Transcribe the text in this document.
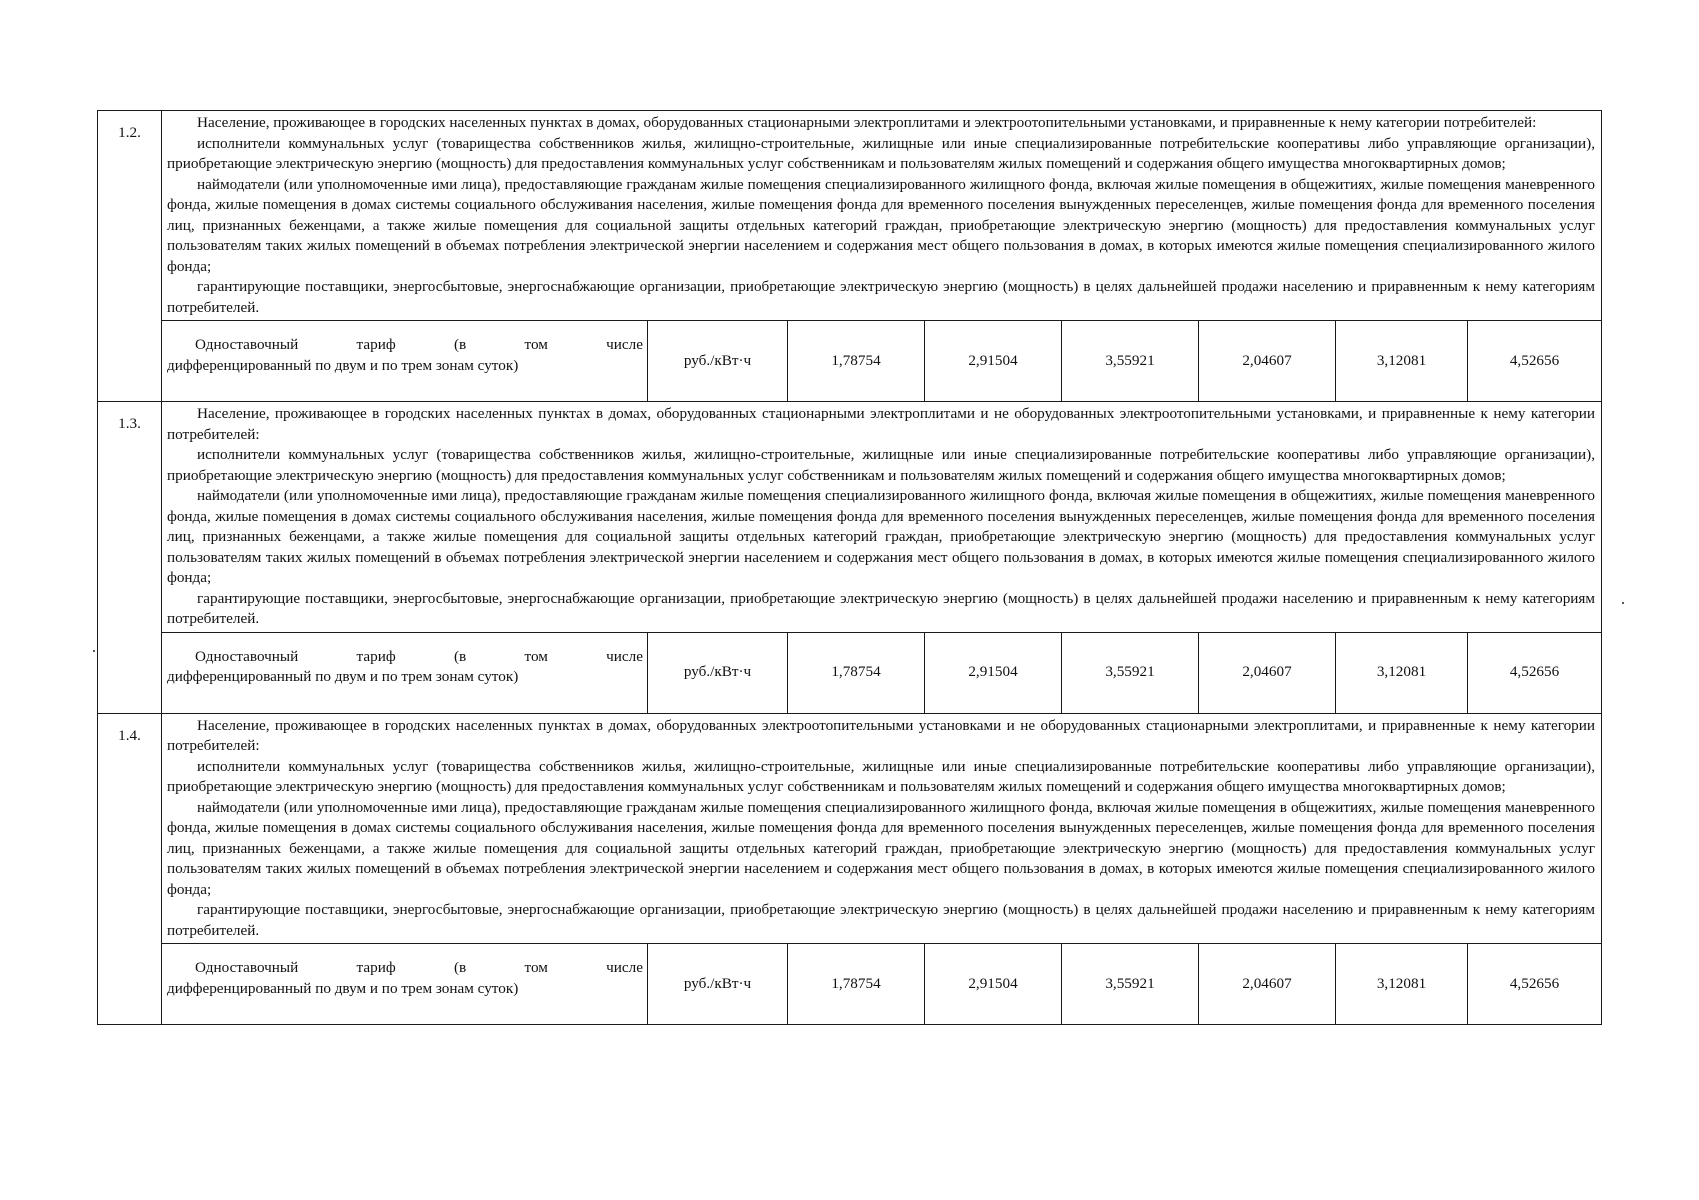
1.2.	Население, проживающее в городских населенных пунктах в домах, оборудованных стационарными электроплитами и электроотопительными установками, и приравненные к нему категории потребителей:
исполнители коммунальных услуг (товарищества собственников жилья, жилищно-строительные, жилищные или иные специализированные потребительские кооперативы либо управляющие организации), приобретающие электрическую энергию (мощность) для предоставления коммунальных услуг собственникам и пользователям жилых помещений и содержания общего имущества многоквартирных домов;
наймодатели (или уполномоченные ими лица), предоставляющие гражданам жилые помещения специализированного жилищного фонда, включая жилые помещения в общежитиях, жилые помещения маневренного фонда, жилые помещения в домах системы социального обслуживания населения, жилые помещения фонда для временного поселения вынужденных переселенцев, жилые помещения фонда для временного поселения лиц, признанных беженцами, а также жилые помещения для социальной защиты отдельных категорий граждан, приобретающие электрическую энергию (мощность) для предоставления коммунальных услуг пользователям таких жилых помещений в объемах потребления электрической энергии населением и содержания мест общего пользования в домах, в которых имеются жилые помещения специализированного жилого фонда;
гарантирующие поставщики, энергосбытовые, энергоснабжающие организации, приобретающие электрическую энергию (мощность) в целях дальнейшей продажи населению и приравненным к нему категориям потребителей.							

	Одноставочный тариф (в том числе
дифференцированный по двум и по трем зонам суток)	руб./кВт·ч	1,78754	2,91504	3,55921	2,04607	3,12081	4,52656
1.3.	Население, проживающее в городских населенных пунктах в домах, оборудованных стационарными электроплитами и не оборудованных электроотопительными установками, и приравненные к нему категории потребителей:
исполнители коммунальных услуг (товарищества собственников жилья, жилищно-строительные, жилищные или иные специализированные потребительские кооперативы либо управляющие организации), приобретающие электрическую энергию (мощность) для предоставления коммунальных услуг собственникам и пользователям жилых помещений и содержания общего имущества многоквартирных домов;
наймодатели (или уполномоченные ими лица), предоставляющие гражданам жилые помещения специализированного жилищного фонда, включая жилые помещения в общежитиях, жилые помещения маневренного фонда, жилые помещения в домах системы социального обслуживания населения, жилые помещения фонда для временного поселения вынужденных переселенцев, жилые помещения фонда для временного поселения лиц, признанных беженцами, а также жилые помещения для социальной защиты отдельных категорий граждан, приобретающие электрическую энергию (мощность) для предоставления коммунальных услуг пользователям таких жилых помещений в объемах потребления электрической энергии населением и содержания мест общего пользования в домах, в которых имеются жилые помещения специализированного жилого фонда;
гарантирующие поставщики, энергосбытовые, энергоснабжающие организации, приобретающие электрическую энергию (мощность) в целях дальнейшей продажи населению и приравненным к нему категориям потребителей.							

	Одноставочный тариф (в том числе
дифференцированный по двум и по трем зонам суток)	руб./кВт·ч	1,78754	2,91504	3,55921	2,04607	3,12081	4,52656
1.4.	Население, проживающее в городских населенных пунктах в домах, оборудованных электроотопительными установками и не оборудованных стационарными электроплитами, и приравненные к нему категории потребителей:
исполнители коммунальных услуг (товарищества собственников жилья, жилищно-строительные, жилищные или иные специализированные потребительские кооперативы либо управляющие организации), приобретающие электрическую энергию (мощность) для предоставления коммунальных услуг собственникам и пользователям жилых помещений и содержания общего имущества многоквартирных домов;
наймодатели (или уполномоченные ими лица), предоставляющие гражданам жилые помещения специализированного жилищного фонда, включая жилые помещения в общежитиях, жилые помещения маневренного фонда, жилые помещения в домах системы социального обслуживания населения, жилые помещения фонда для временного поселения вынужденных переселенцев, жилые помещения фонда для временного поселения лиц, признанных беженцами, а также жилые помещения для социальной защиты отдельных категорий граждан, приобретающие электрическую энергию (мощность) для предоставления коммунальных услуг пользователям таких жилых помещений в объемах потребления электрической энергии населением и содержания мест общего пользования в домах, в которых имеются жилые помещения специализированного жилого фонда;
гарантирующие поставщики, энергосбытовые, энергоснабжающие организации, приобретающие электрическую энергию (мощность) в целях дальнейшей продажи населению и приравненным к нему категориям потребителей.							

	Одноставочный тариф (в том числе
дифференцированный по двум и по трем зонам суток)	руб./кВт·ч	1,78754	2,91504	3,55921	2,04607	3,12081	4,52656
